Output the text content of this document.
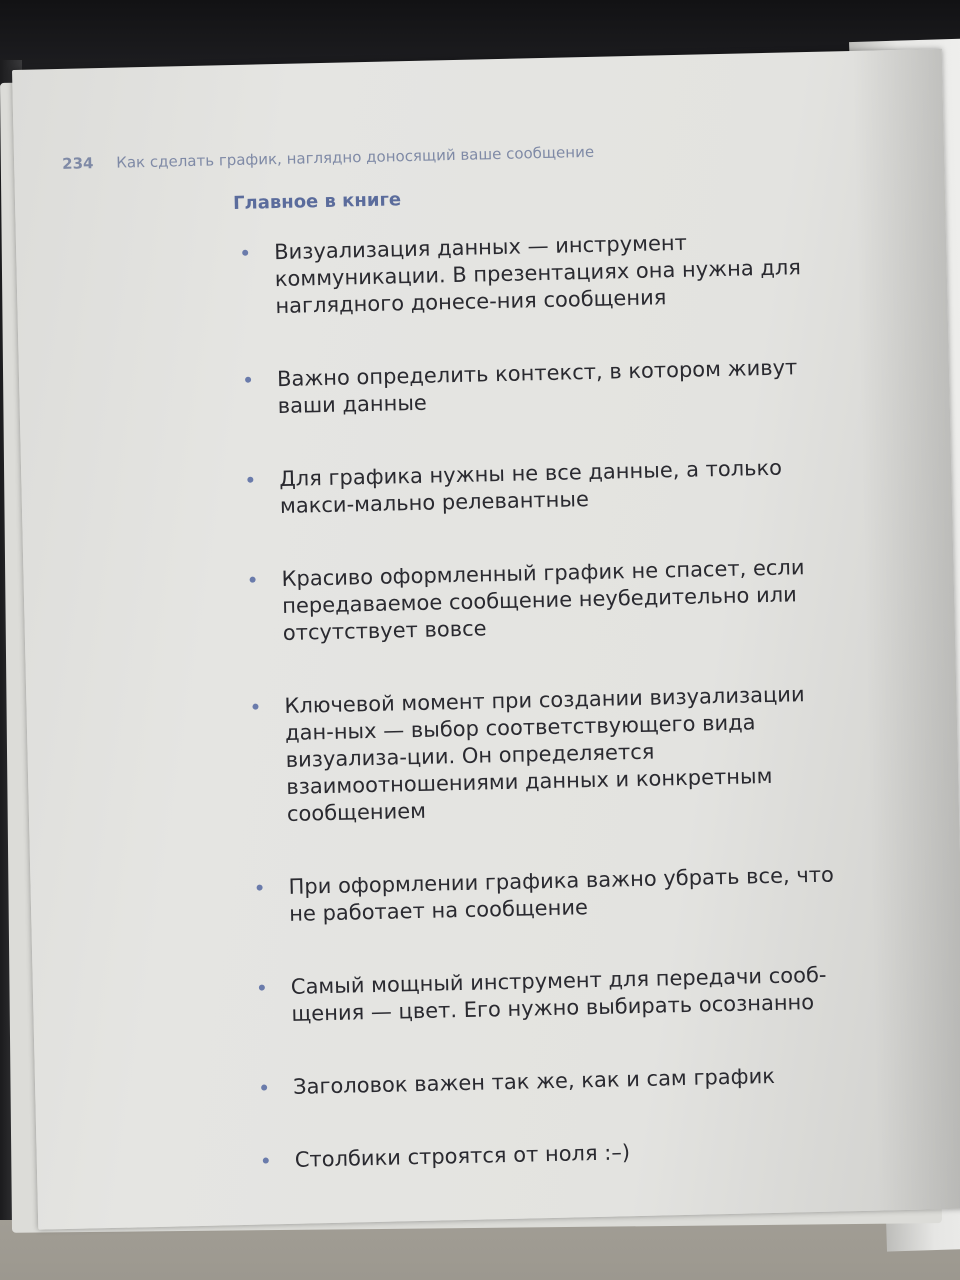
234 Как сделать график, наглядно доносящий ваше сообщение
Главное в книге
Визуализация данных — инструмент коммуникации. В презентациях она нужна для наглядного донесе-ния сообщения
Важно определить контекст, в котором живут ваши данные
Для графика нужны не все данные, а только макси-мально релевантные
Красиво оформленный график не спасет, если передаваемое сообщение неубедительно или отсутствует вовсе
Ключевой момент при создании визуализации дан-ных — выбор соответствующего вида визуализа-ции. Он определяется взаимоотношениями данных и конкретным сообщением
При оформлении графика важно убрать все, что не работает на сообщение
Самый мощный инструмент для передачи сооб-щения — цвет. Его нужно выбирать осознанно
Заголовок важен так же, как и сам график
Столбики строятся от ноля :–)
